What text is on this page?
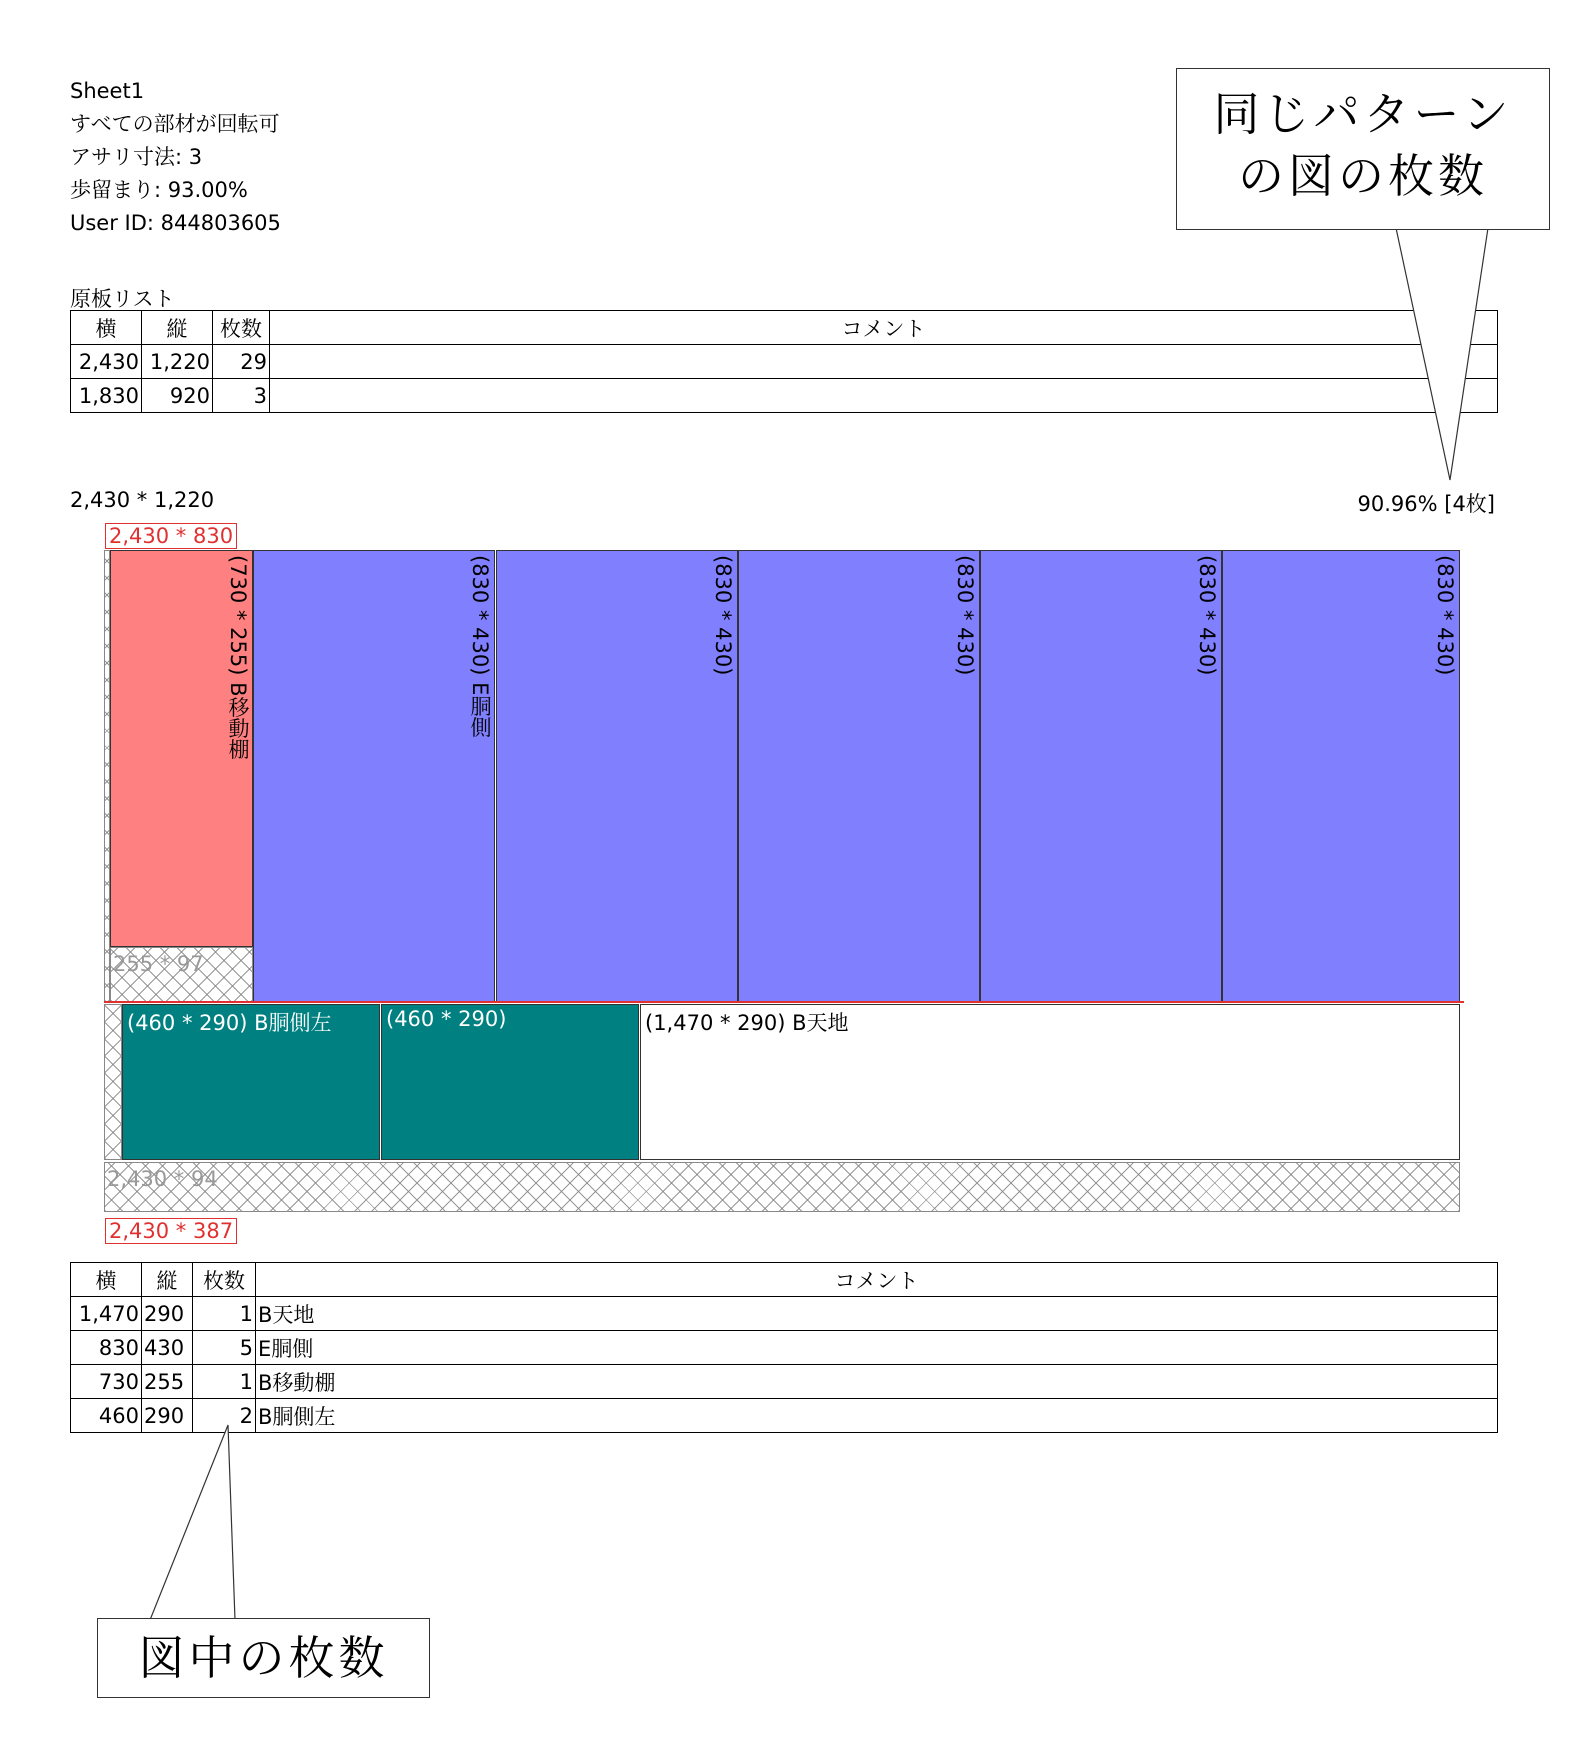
Sheet1
すべての部材が回転可
アサリ寸法: 3
歩留まり: 93.00%
User ID: 844803605
原板リスト
横	縦	枚数	コメント
2,430	1,220	29	
1,830	920	3	
2,430 * 1,220	90.96% [4枚]
2,430 * 830
(730 * 255) B移動棚
255 * 97
(830 * 430) E胴側	(830 * 430)	(830 * 430)	(830 * 430)	(830 * 430)
(460 * 290) B胴側左	(460 * 290)	(1,470 * 290) B天地
2,430 * 94
2,430 * 387
横	縦	枚数	コメント
1,470	290	1	B天地
830	430	5	E胴側
730	255	1	B移動棚
460	290	2	B胴側左
同じパターン
の図の枚数
図中の枚数
